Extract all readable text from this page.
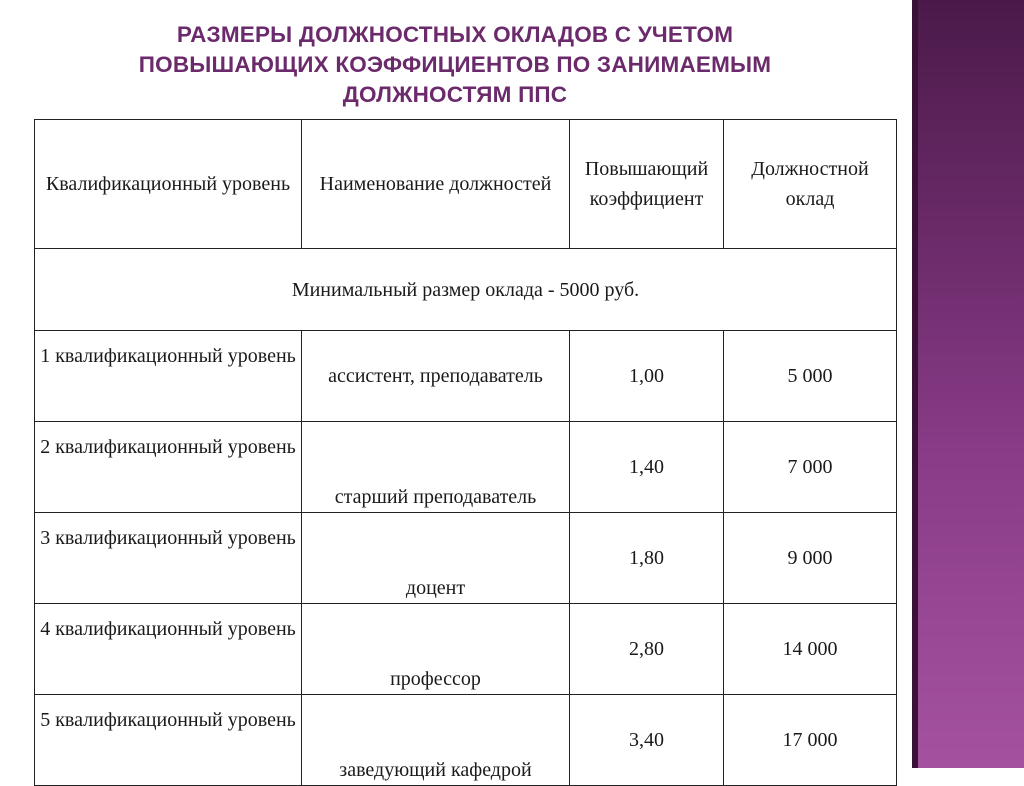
РАЗМЕРЫ ДОЛЖНОСТНЫХ ОКЛАДОВ С УЧЕТОМ
ПОВЫШАЮЩИХ КОЭФФИЦИЕНТОВ ПО ЗАНИМАЕМЫМ
ДОЛЖНОСТЯМ ППС
Квалификационный уровень	Наименование должностей	Повышающий коэффициент	Должностной оклад
Минимальный размер оклада - 5000 руб.			
1 квалификационный уровень	ассистент, преподаватель	1,00	5 000
2 квалификационный уровень	старший преподаватель	1,40	7 000
3 квалификационный уровень	доцент	1,80	9 000
4 квалификационный уровень	профессор	2,80	14 000
5 квалификационный уровень	заведующий кафедрой	3,40	17 000
